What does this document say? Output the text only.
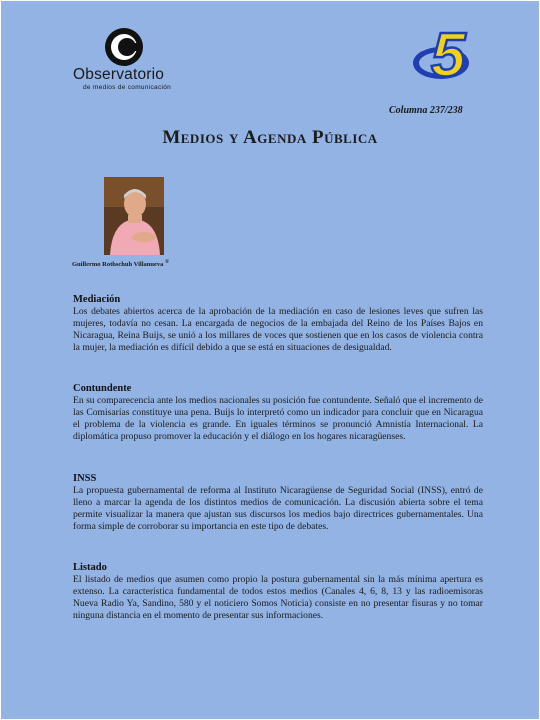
Observatorio
de medios de comunicación	5
Columna 237/238
Medios y Agenda Pública
Guillermo Rothschuh Villanueva ®
Mediación

Los debates abiertos acerca de la aprobación de la mediación en caso de lesiones leves que sufren las mujeres, todavía no cesan. La encargada de negocios de la embajada del Reino de los Países Bajos en Nicaragua, Reina Buijs, se unió a los millares de voces que sostienen que en los casos de violencia contra la mujer, la mediación es difícil debido a que se está en situaciones de desigualdad.

Contundente

En su comparecencia ante los medios nacionales su posición fue contundente. Señaló que el incremento de las Comisarías constituye una pena. Buijs lo interpretó como un indicador para concluir que en Nicaragua el problema de la violencia es grande. En iguales términos se pronunció Amnistía Internacional. La diplomática propuso promover la educación y el diálogo en los hogares nicaragüenses.

INSS

La propuesta gubernamental de reforma al Instituto Nicaragüense de Seguridad Social (INSS), entró de lleno a marcar la agenda de los distintos medios de comunicación. La discusión abierta sobre el tema permite visualizar la manera que ajustan sus discursos los medios bajo directrices gubernamentales. Una forma simple de corroborar su importancia en este tipo de debates.

Listado

El listado de medios que asumen como propio la postura gubernamental sin la más mínima apertura es extenso. La característica fundamental de todos estos medios (Canales 4, 6, 8, 13 y las radioemisoras Nueva Radio Ya, Sandino, 580 y el noticiero Somos Noticia) consiste en no presentar fisuras y no tomar ninguna distancia en el momento de presentar sus informaciones.
